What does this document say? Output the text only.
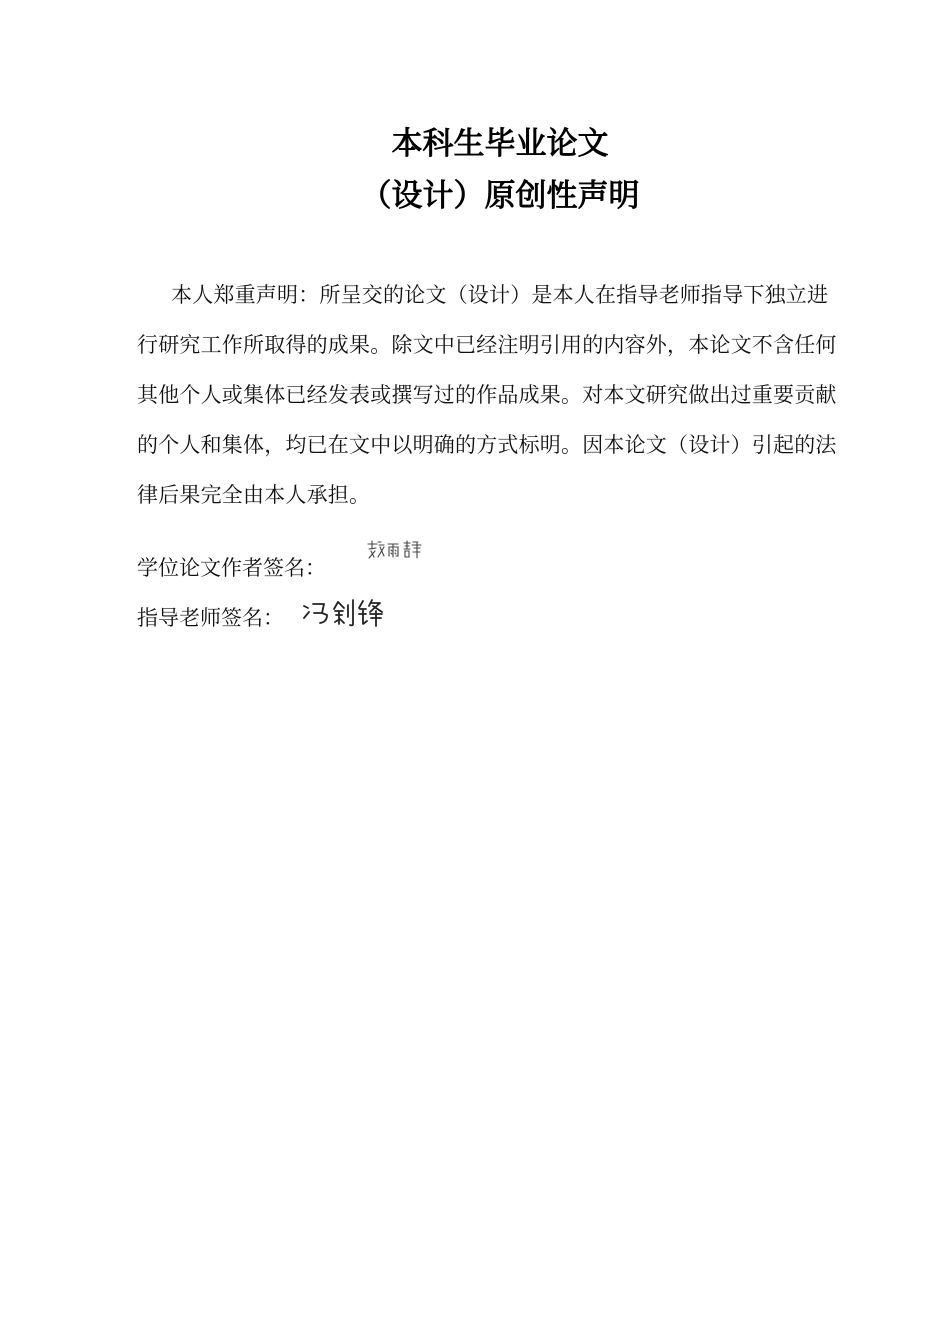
本科生毕业论文
（设计）原创性声明
本人郑重声明：所呈交的论文（设计）是本人在指导老师指导下独立进行研究工作所取得的成果。除文中已经注明引用的内容外，本论文不含任何其他个人或集体已经发表或撰写过的作品成果。对本文研究做出过重要贡献的个人和集体，均已在文中以明确的方式标明。因本论文（设计）引起的法律后果完全由本人承担。
学位论文作者签名：
指导老师签名：
